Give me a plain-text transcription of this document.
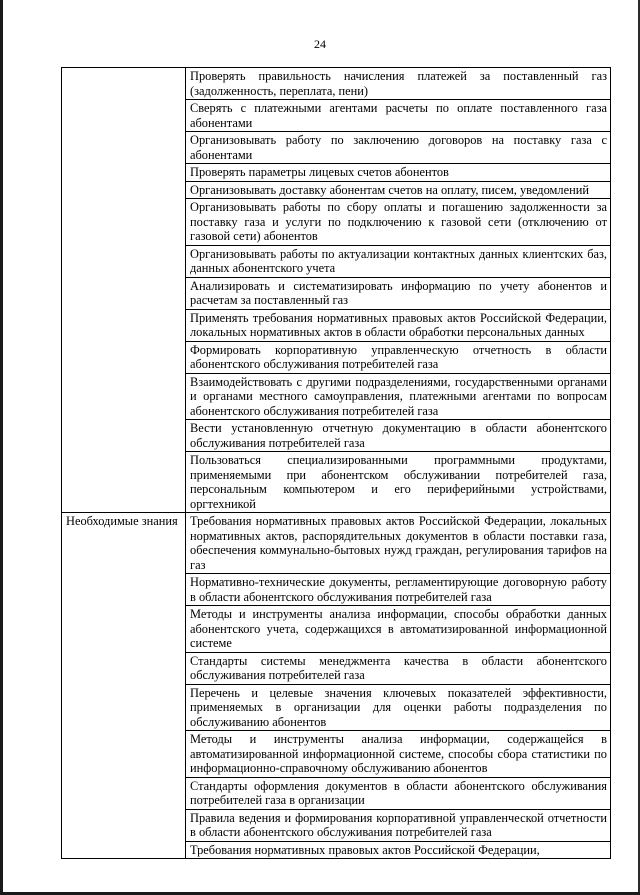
24
	Проверять правильность начисления платежей за поставленный газ (задолженность, переплата, пени)
	Сверять с платежными агентами расчеты по оплате поставленного газа абонентами
	Организовывать работу по заключению договоров на поставку газа с абонентами
	Проверять параметры лицевых счетов абонентов
	Организовывать доставку абонентам счетов на оплату, писем, уведомлений
	Организовывать работы по сбору оплаты и погашению задолженности за поставку газа и услуги по подключению к газовой сети (отключению от газовой сети) абонентов
	Организовывать работы по актуализации контактных данных клиентских баз, данных абонентского учета
	Анализировать и систематизировать информацию по учету абонентов и расчетам за поставленный газ
	Применять требования нормативных правовых актов Российской Федерации, локальных нормативных актов в области обработки персональных данных
	Формировать корпоративную управленческую отчетность в области абонентского обслуживания потребителей газа
	Взаимодействовать с другими подразделениями, государственными органами и органами местного самоуправления, платежными агентами по вопросам абонентского обслуживания потребителей газа
	Вести установленную отчетную документацию в области абонентского обслуживания потребителей газа
	Пользоваться специализированными программными продуктами, применяемыми при абонентском обслуживании потребителей газа, персональным компьютером и его периферийными устройствами, оргтехникой
Необходимые знания	Требования нормативных правовых актов Российской Федерации, локальных нормативных актов, распорядительных документов в области поставки газа, обеспечения коммунально-бытовых нужд граждан, регулирования тарифов на газ
	Нормативно-технические документы, регламентирующие договорную работу в области абонентского обслуживания потребителей газа
	Методы и инструменты анализа информации, способы обработки данных абонентского учета, содержащихся в автоматизированной информационной системе
	Стандарты системы менеджмента качества в области абонентского обслуживания потребителей газа
	Перечень и целевые значения ключевых показателей эффективности, применяемых в организации для оценки работы подразделения по обслуживанию абонентов
	Методы и инструменты анализа информации, содержащейся в автоматизированной информационной системе, способы сбора статистики по информационно-справочному обслуживанию абонентов
	Стандарты оформления документов в области абонентского обслуживания потребителей газа в организации
	Правила ведения и формирования корпоративной управленческой отчетности в области абонентского обслуживания потребителей газа
	Требования нормативных правовых актов Российской Федерации,
